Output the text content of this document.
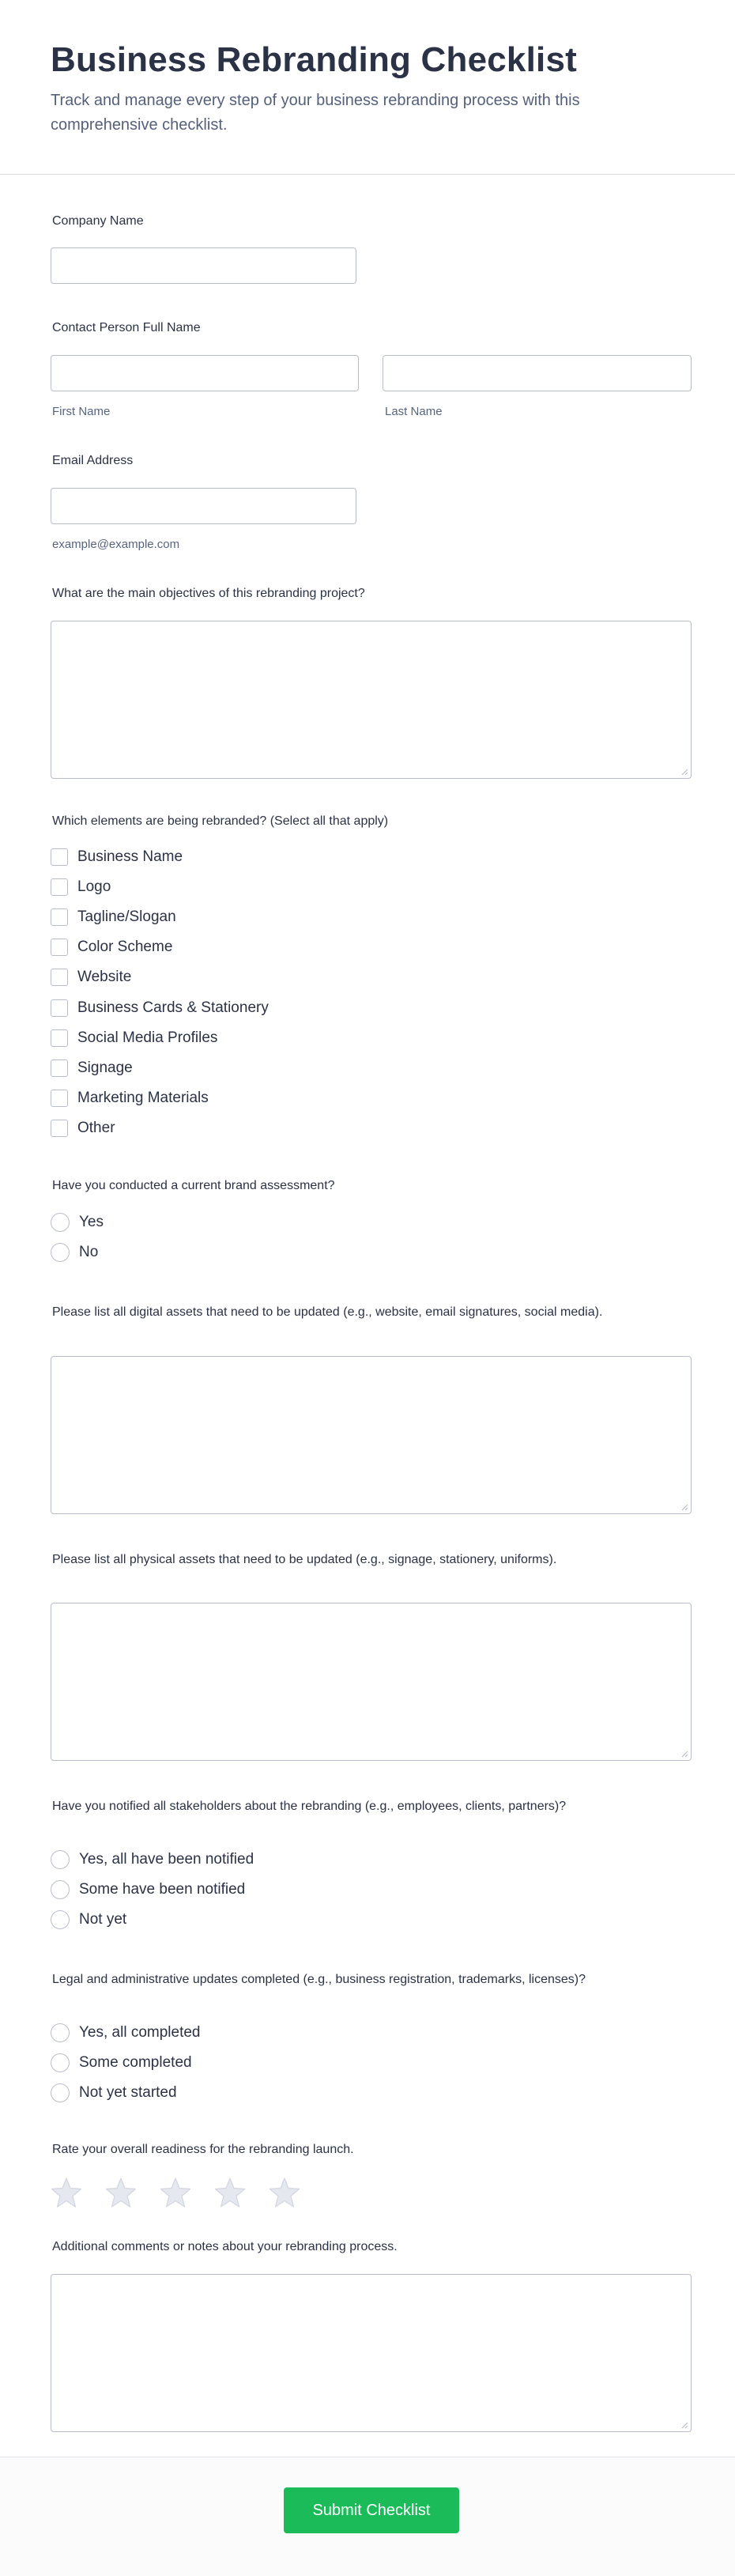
Business Rebranding Checklist
Track and manage every step of your business rebranding process with this comprehensive checklist.
Company Name
Contact Person Full Name
First Name	Last Name
Email Address
example@example.com
What are the main objectives of this rebranding project?
Which elements are being rebranded? (Select all that apply)
Business Name
Logo
Tagline/Slogan
Color Scheme
Website
Business Cards & Stationery
Social Media Profiles
Signage
Marketing Materials
Other
Have you conducted a current brand assessment?
Yes
No
Please list all digital assets that need to be updated (e.g., website, email signatures, social media).
Please list all physical assets that need to be updated (e.g., signage, stationery, uniforms).
Have you notified all stakeholders about the rebranding (e.g., employees, clients, partners)?
Yes, all have been notified
Some have been notified
Not yet
Legal and administrative updates completed (e.g., business registration, trademarks, licenses)?
Yes, all completed
Some completed
Not yet started
Rate your overall readiness for the rebranding launch.
Additional comments or notes about your rebranding process.
Submit Checklist
